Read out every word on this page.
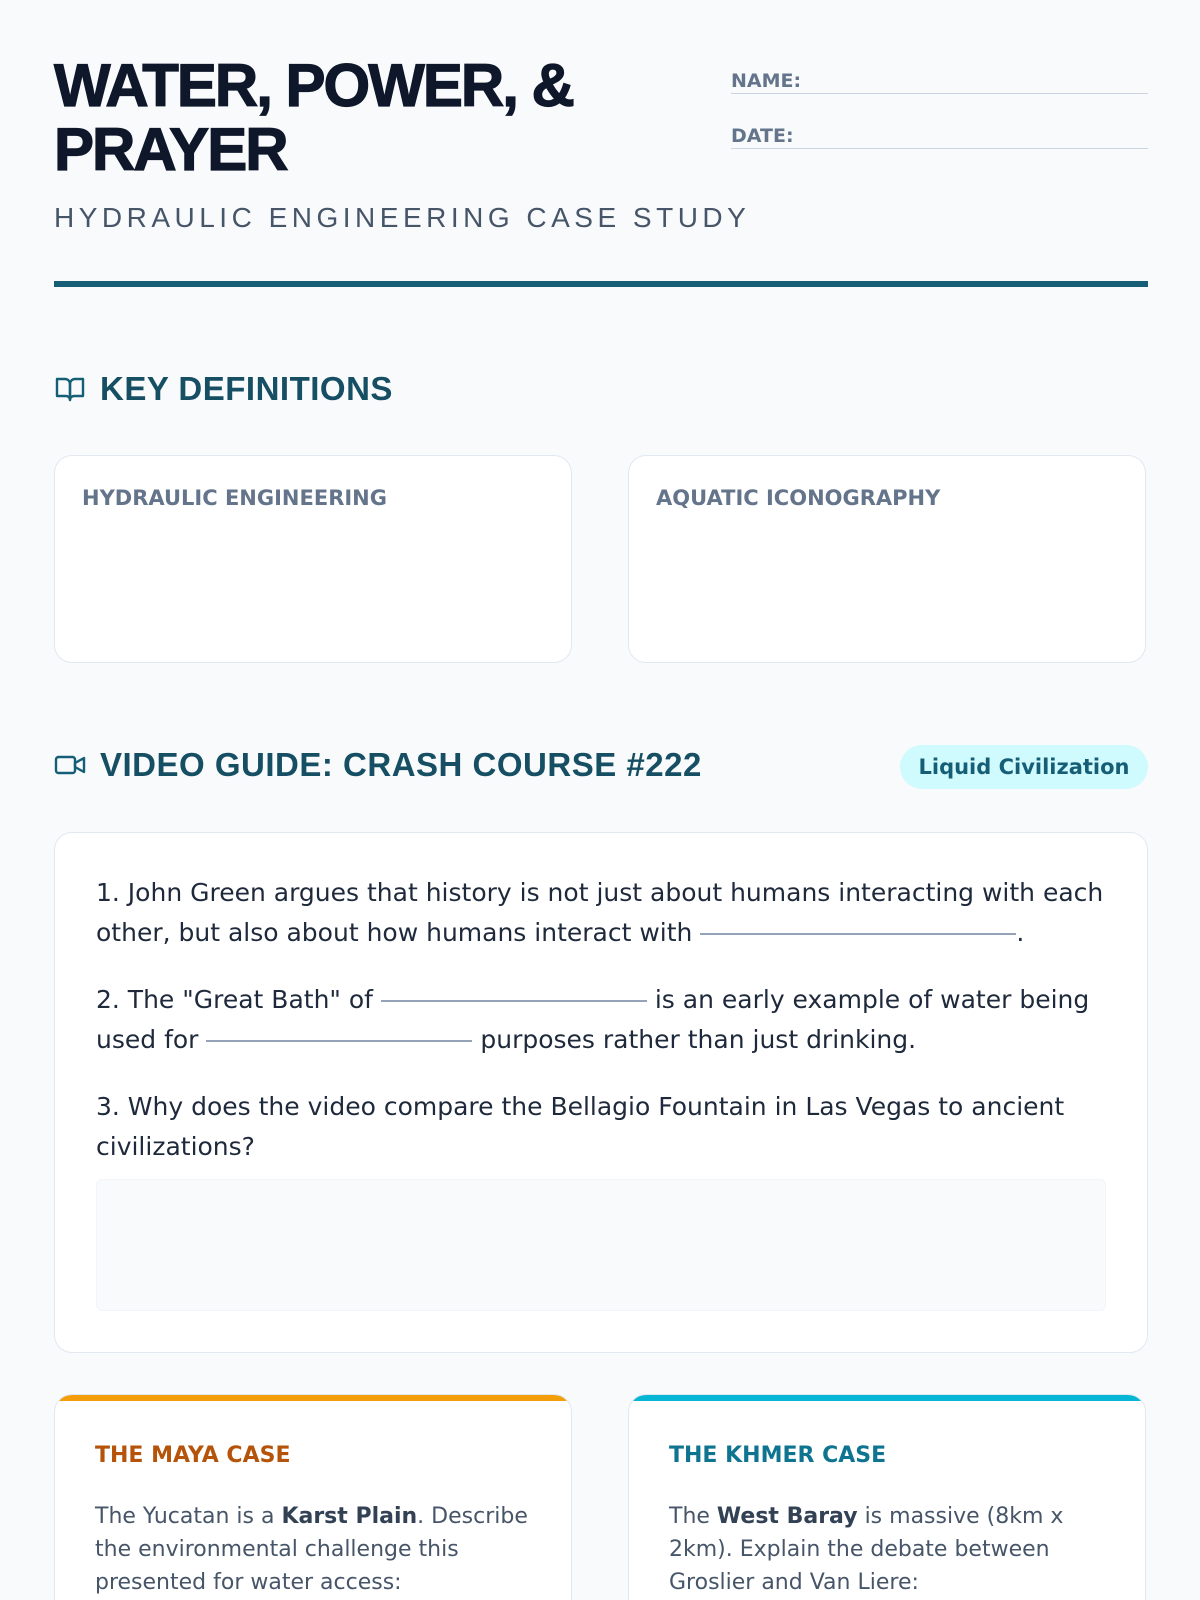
WATER, POWER, & PRAYER
HYDRAULIC ENGINEERING CASE STUDY
NAME:
DATE:
KEY DEFINITIONS
HYDRAULIC ENGINEERING	AQUATIC ICONOGRAPHY
VIDEO GUIDE: CRASH COURSE #222	Liquid Civilization
1. John Green argues that history is not just about humans interacting with each other, but also about how humans interact with	.
2. The "Great Bath" of	is an early example of water being used for	purposes rather than just drinking.
3. Why does the video compare the Bellagio Fountain in Las Vegas to ancient civilizations?
THE MAYA CASE
The Yucatan is a Karst Plain. Describe the environmental challenge this presented for water access:
THE KHMER CASE
The West Baray is massive (8km x 2km). Explain the debate between Groslier and Van Liere:
